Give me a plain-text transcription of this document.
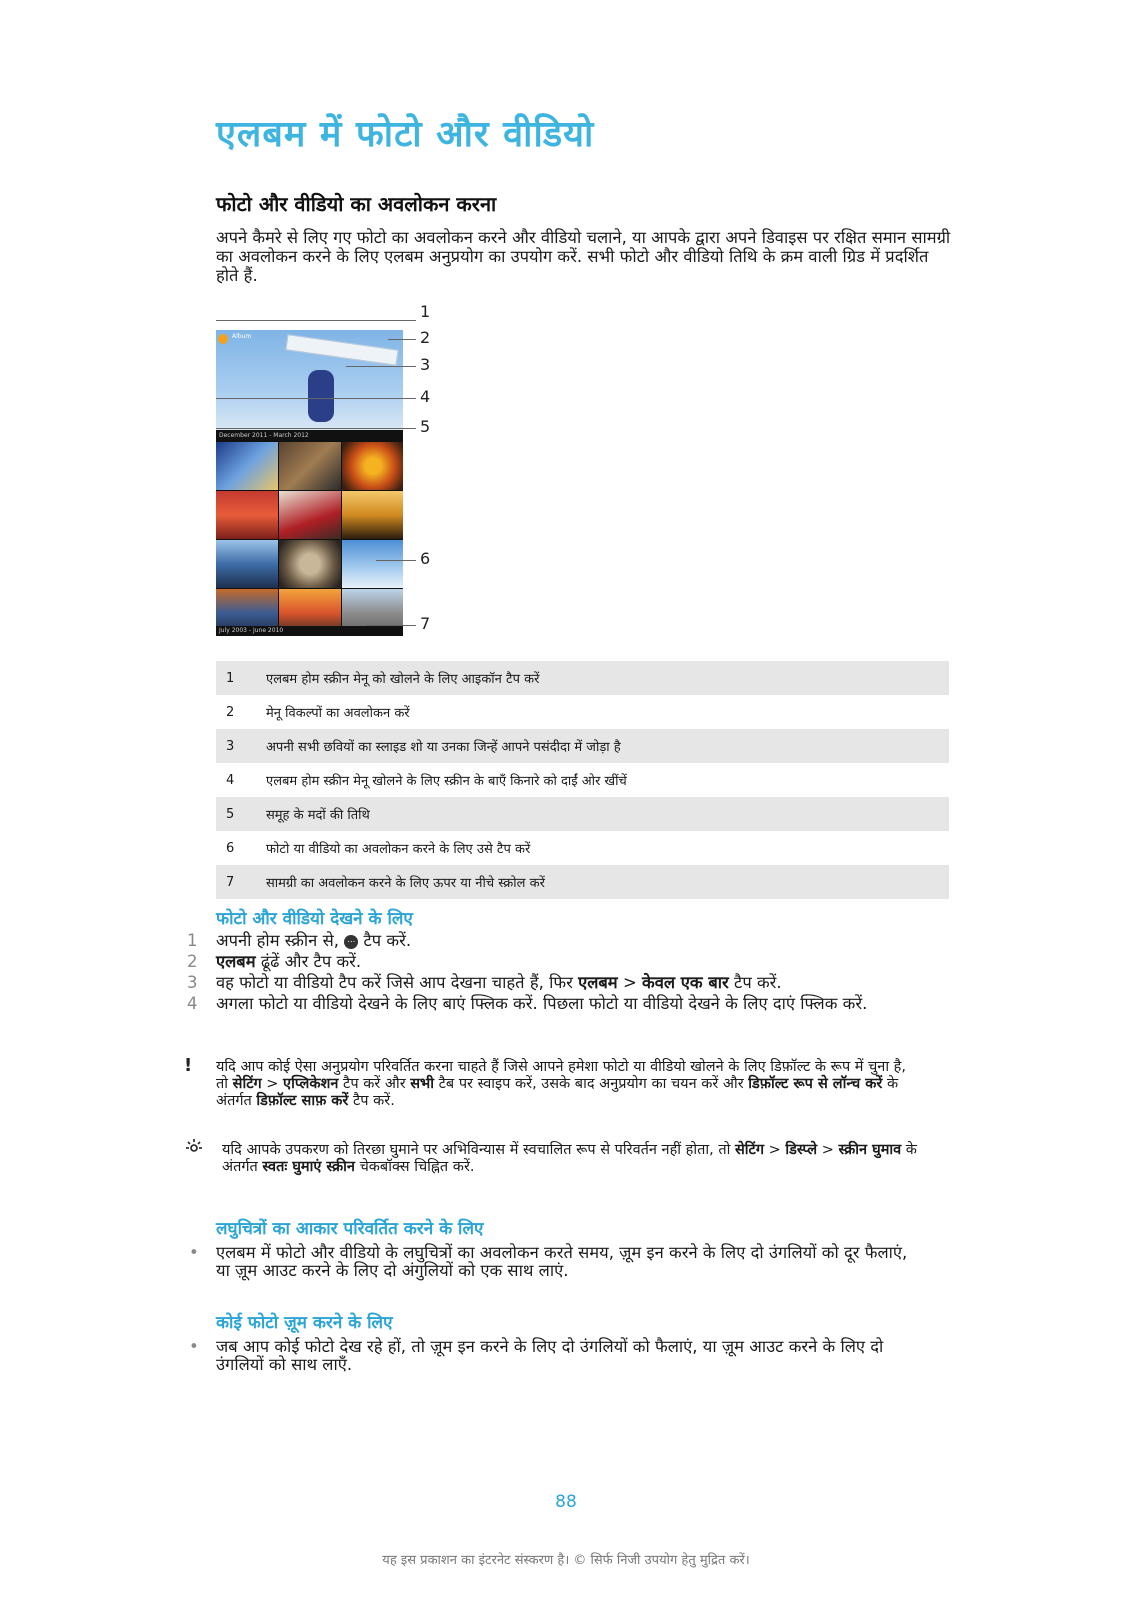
एलबम में फोटो और वीडियो
फोटो और वीडियो का अवलोकन करना

अपने कैमरे से लिए गए फोटो का अवलोकन करने और वीडियो चलाने, या आपके द्वारा अपने डिवाइस पर रक्षित समान सामग्री का अवलोकन करने के लिए एलबम अनुप्रयोग का उपयोग करें. सभी फोटो और वीडियो तिथि के क्रम वाली ग्रिड में प्रदर्शित होते हैं.

Album
December 2011 - March 2012
July 2003 - June 2010
1
2
3
4
5
6
7
1	एलबम होम स्क्रीन मेनू को खोलने के लिए आइकॉन टैप करें
2	मेनू विकल्पों का अवलोकन करें
3	अपनी सभी छवियों का स्लाइड शो या उनका जिन्हें आपने पसंदीदा में जोड़ा है
4	एलबम होम स्क्रीन मेनू खोलने के लिए स्क्रीन के बाएँ किनारे को दाईं ओर खींचें
5	समूह के मदों की तिथि
6	फोटो या वीडियो का अवलोकन करने के लिए उसे टैप करें
7	सामग्री का अवलोकन करने के लिए ऊपर या नीचे स्क्रोल करें
फोटो और वीडियो देखने के लिए
1 अपनी होम स्क्रीन से, ⋯ टैप करें.
2 एलबम ढूंढें और टैप करें.
3 वह फोटो या वीडियो टैप करें जिसे आप देखना चाहते हैं, फिर एलबम > केवल एक बार टैप करें.
4 अगला फोटो या वीडियो देखने के लिए बाएं फ्लिक करें. पिछला फोटो या वीडियो देखने के लिए दाएं फ्लिक करें.
! यदि आप कोई ऐसा अनुप्रयोग परिवर्तित करना चाहते हैं जिसे आपने हमेशा फोटो या वीडियो खोलने के लिए डिफ़ॉल्ट के रूप में चुना है, तो सेटिंग > एप्लिकेशन टैप करें और सभी टैब पर स्वाइप करें, उसके बाद अनुप्रयोग का चयन करें और डिफ़ॉल्ट रूप से लॉन्च करें के अंतर्गत डिफ़ॉल्ट साफ़ करें टैप करें.
यदि आपके उपकरण को तिरछा घुमाने पर अभिविन्यास में स्वचालित रूप से परिवर्तन नहीं होता, तो सेटिंग > डिस्प्ले > स्क्रीन घुमाव के अंतर्गत स्वतः घुमाएं स्क्रीन चेकबॉक्स चिह्नित करें.
लघुचित्रों का आकार परिवर्तित करने के लिए
• एलबम में फोटो और वीडियो के लघुचित्रों का अवलोकन करते समय, ज़ूम इन करने के लिए दो उंगलियों को दूर फैलाएं, या ज़ूम आउट करने के लिए दो अंगुलियों को एक साथ लाएं.
कोई फोटो ज़ूम करने के लिए
• जब आप कोई फोटो देख रहे हों, तो ज़ूम इन करने के लिए दो उंगलियों को फैलाएं, या ज़ूम आउट करने के लिए दो उंगलियों को साथ लाएँ.
88
यह इस प्रकाशन का इंटरनेट संस्करण है। © सिर्फ निजी उपयोग हेतु मुद्रित करें।
